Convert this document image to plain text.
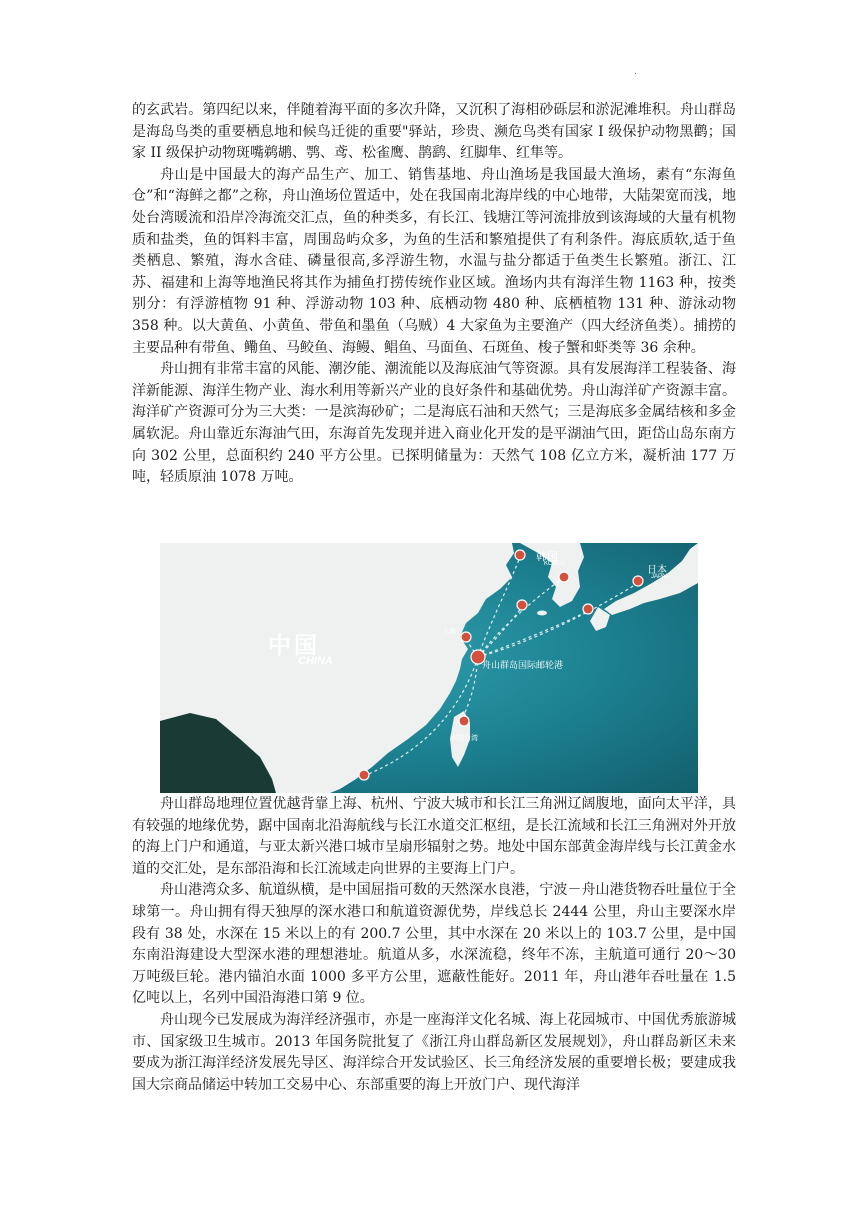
.

的玄武岩。第四纪以来，伴随着海平面的多次升降，又沉积了海相砂砾层和淤泥滩堆积。舟山群岛是海岛鸟类的重要栖息地和候鸟迁徙的重要"驿站，珍贵、濒危鸟类有国家 I 级保护动物黑鹳；国家 II 级保护动物斑嘴鹈鹕、鹗、鸢、松雀鹰、鹊鹞、红脚隼、红隼等。

舟山是中国最大的海产品生产、加工、销售基地、舟山渔场是我国最大渔场，素有“东海鱼仓”和“海鲜之都”之称，舟山渔场位置适中，处在我国南北海岸线的中心地带，大陆架宽而浅，地处台湾暖流和沿岸冷海流交汇点，鱼的种类多，有长江、钱塘江等河流排放到该海域的大量有机物质和盐类，鱼的饵料丰富，周围岛屿众多，为鱼的生活和繁殖提供了有利条件。海底质软,适于鱼类栖息、繁殖，海水含硅、磷量很高,多浮游生物，水温与盐分都适于鱼类生长繁殖。浙江、江苏、福建和上海等地渔民将其作为捕鱼打捞传统作业区域。渔场内共有海洋生物 1163 种，按类别分：有浮游植物 91 种、浮游动物 103 种、底栖动物 480 种、底栖植物 131 种、游泳动物 358 种。以大黄鱼、小黄鱼、带鱼和墨鱼（乌贼）4 大家鱼为主要渔产（四大经济鱼类）。捕捞的主要品种有带鱼、鳓鱼、马鲛鱼、海鳗、鲳鱼、马面鱼、石斑鱼、梭子蟹和虾类等 36 余种。

舟山拥有非常丰富的风能、潮汐能、潮流能以及海底油气等资源。具有发展海洋工程装备、海洋新能源、海洋生物产业、海水利用等新兴产业的良好条件和基础优势。舟山海洋矿产资源丰富。海洋矿产资源可分为三大类：一是滨海砂矿；二是海底石油和天然气；三是海底多金属结核和多金属软泥。舟山靠近东海油气田，东海首先发现并进入商业化开发的是平湖油气田，距岱山岛东南方向 302 公里，总面积约 240 平方公里。已探明储量为：天然气 108 亿立方米，凝析油 177 万吨，轻质原油 1078 万吨。

中国
CHINA
韩国
KOREA
日本
JAPAN
上海
舟山群岛国际邮轮港
中国台湾

舟山群岛地理位置优越背靠上海、杭州、宁波大城市和长江三角洲辽阔腹地，面向太平洋，具有较强的地缘优势，踞中国南北沿海航线与长江水道交汇枢纽，是长江流域和长江三角洲对外开放的海上门户和通道，与亚太新兴港口城市呈扇形辐射之势。地处中国东部黄金海岸线与长江黄金水道的交汇处，是东部沿海和长江流域走向世界的主要海上门户。

舟山港湾众多、航道纵横，是中国屈指可数的天然深水良港，宁波－舟山港货物吞吐量位于全球第一。舟山拥有得天独厚的深水港口和航道资源优势，岸线总长 2444 公里，舟山主要深水岸段有 38 处，水深在 15 米以上的有 200.7 公里，其中水深在 20 米以上的 103.7 公里，是中国东南沿海建设大型深水港的理想港址。航道从多，水深流稳，终年不冻，主航道可通行 20～30 万吨级巨轮。港内锚泊水面 1000 多平方公里，遮蔽性能好。2011 年，舟山港年吞吐量在 1.5 亿吨以上，名列中国沿海港口第 9 位。

舟山现今已发展成为海洋经济强市，亦是一座海洋文化名城、海上花园城市、中国优秀旅游城市、国家级卫生城市。2013 年国务院批复了《浙江舟山群岛新区发展规划》，舟山群岛新区未来要成为浙江海洋经济发展先导区、海洋综合开发试验区、长三角经济发展的重要增长极；要建成我国大宗商品储运中转加工交易中心、东部重要的海上开放门户、现代海洋
